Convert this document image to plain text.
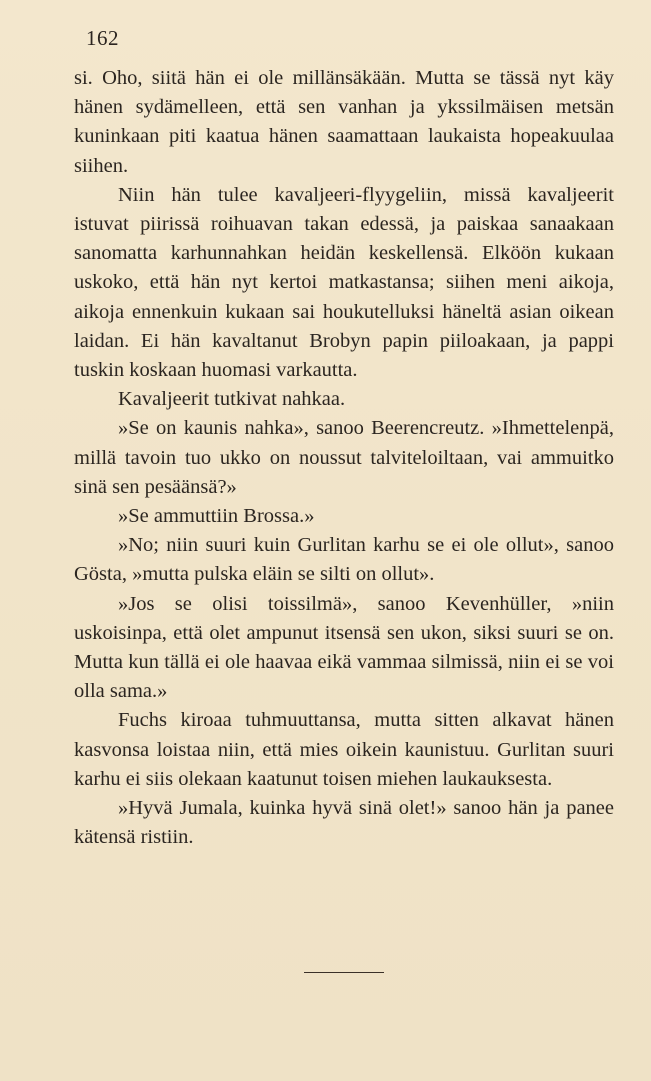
162

si. Oho, siitä hän ei ole millänsäkään. Mutta se tässä nyt käy hänen sydämelleen, että sen vanhan ja ykssilmäisen metsän kuninkaan piti kaatua hänen saamattaan laukaista hopeakuulaa siihen.

Niin hän tulee kavaljeeri-flyygeliin, missä kavaljeerit istuvat piirissä roihuavan takan edessä, ja paiskaa sanaakaan sanomatta karhunnahkan heidän keskellensä. Elköön kukaan uskoko, että hän nyt kertoi matkastansa; siihen meni aikoja, aikoja ennenkuin kukaan sai houkutelluksi häneltä asian oikean laidan. Ei hän kavaltanut Brobyn papin piiloakaan, ja pappi tuskin koskaan huomasi varkautta.

Kavaljeerit tutkivat nahkaa.

»Se on kaunis nahka», sanoo Beerencreutz. »Ihmettelenpä, millä tavoin tuo ukko on noussut talviteloiltaan, vai ammuitko sinä sen pesäänsä?»

»Se ammuttiin Brossa.»

»No; niin suuri kuin Gurlitan karhu se ei ole ollut», sanoo Gösta, »mutta pulska eläin se silti on ollut».

»Jos se olisi toissilmä», sanoo Kevenhüller, »niin uskoisinpa, että olet ampunut itsensä sen ukon, siksi suuri se on. Mutta kun tällä ei ole haavaa eikä vammaa silmissä, niin ei se voi olla sama.»

Fuchs kiroaa tuhmuuttansa, mutta sitten alkavat hänen kasvonsa loistaa niin, että mies oikein kaunistuu. Gurlitan suuri karhu ei siis olekaan kaatunut toisen miehen laukauksesta.

»Hyvä Jumala, kuinka hyvä sinä olet!» sanoo hän ja panee kätensä ristiin.
